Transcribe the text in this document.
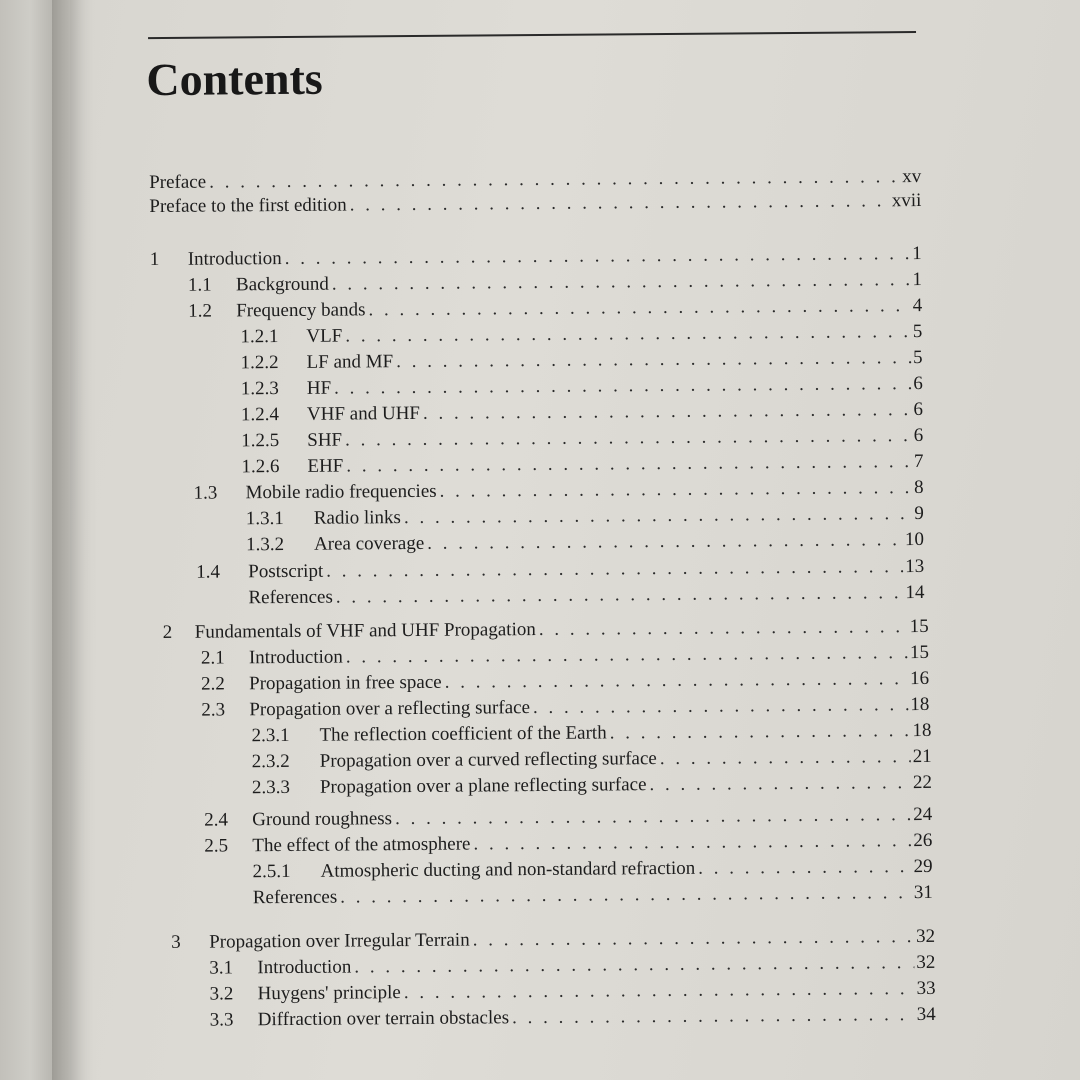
Contents
Preface . . .	xv
Preface to the first edition . . .	xvii
1	Introduction . . .	1
1.1	Background . . .	1
1.2	Frequency bands . . .	4
1.2.1	VLF . . .	5
1.2.2	LF and MF . . .	5
1.2.3	HF . . .	6
1.2.4	VHF and UHF . . .	6
1.2.5	SHF . . .	6
1.2.6	EHF . . .	7
1.3	Mobile radio frequencies . . .	8
1.3.1	Radio links . . .	9
1.3.2	Area coverage . . .	10
1.4	Postscript . . .	13
References . . .	14
2	Fundamentals of VHF and UHF Propagation . . .	15
2.1	Introduction . . .	15
2.2	Propagation in free space . . .	16
2.3	Propagation over a reflecting surface . . .	18
2.3.1	The reflection coefficient of the Earth . . .	18
2.3.2	Propagation over a curved reflecting surface . . .	21
2.3.3	Propagation over a plane reflecting surface . . .	22
2.4	Ground roughness . . .	24
2.5	The effect of the atmosphere . . .	26
2.5.1	Atmospheric ducting and non-standard refraction . . .	29
References . . .	31
3	Propagation over Irregular Terrain . . .	32
3.1	Introduction . . .	32
3.2	Huygens' principle . . .	33
3.3	Diffraction over terrain obstacles . . .	34
